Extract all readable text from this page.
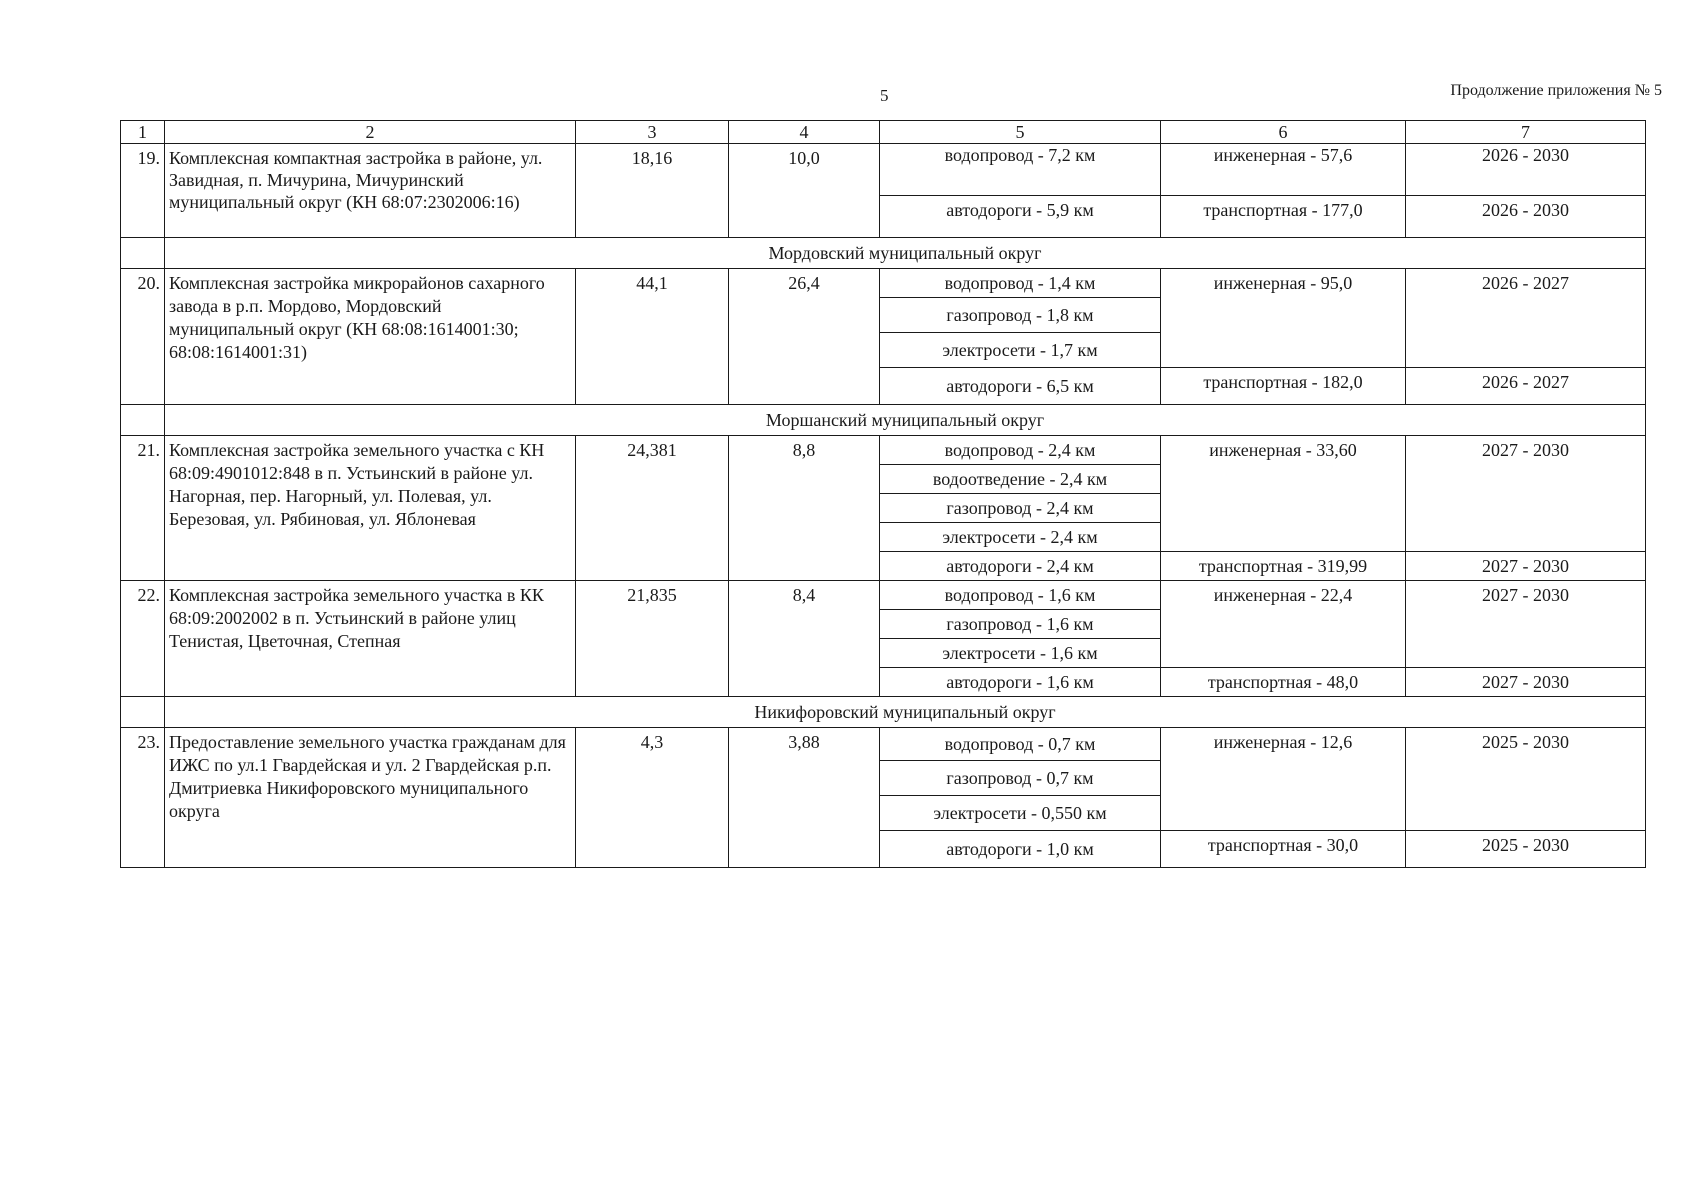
5	Продолжение приложения № 5
1	2	3	4	5	6	7
19.	Комплексная компактная застройка в районе, ул. Завидная, п. Мичурина, Мичуринский муниципальный округ (КН 68:07:2302006:16)	18,16	10,0	водопровод - 7,2 км	инженерная - 57,6	2026 - 2030
				автодороги - 5,9 км	транспортная - 177,0	2026 - 2030
	Мордовский муниципальный округ					
20.	Комплексная застройка микрорайонов сахарного завода в р.п. Мордово, Мордовский муниципальный округ (КН 68:08:1614001:30; 68:08:1614001:31)	44,1	26,4	водопровод - 1,4 км	инженерная - 95,0	2026 - 2027
				газопровод - 1,8 км		
				электросети - 1,7 км		
				автодороги - 6,5 км	транспортная - 182,0	2026 - 2027
	Моршанский муниципальный округ					
21.	Комплексная застройка земельного участка с КН 68:09:4901012:848 в п. Устьинский в районе ул. Нагорная, пер. Нагорный, ул. Полевая, ул. Березовая, ул. Рябиновая, ул. Яблоневая	24,381	8,8	водопровод - 2,4 км	инженерная - 33,60	2027 - 2030
				водоотведение - 2,4 км		
				газопровод - 2,4 км		
				электросети - 2,4 км		
				автодороги - 2,4 км	транспортная - 319,99	2027 - 2030
22.	Комплексная застройка земельного участка в КК 68:09:2002002 в п. Устьинский в районе улиц Тенистая, Цветочная, Степная	21,835	8,4	водопровод - 1,6 км	инженерная - 22,4	2027 - 2030
				газопровод - 1,6 км		
				электросети - 1,6 км		
				автодороги - 1,6 км	транспортная - 48,0	2027 - 2030
	Никифоровский муниципальный округ					
23.	Предоставление земельного участка гражданам для ИЖС по ул.1 Гвардейская и ул. 2 Гвардейская р.п. Дмитриевка Никифоровского муниципального округа	4,3	3,88	водопровод - 0,7 км	инженерная - 12,6	2025 - 2030
				газопровод - 0,7 км		
				электросети - 0,550 км		
				автодороги - 1,0 км	транспортная - 30,0	2025 - 2030
